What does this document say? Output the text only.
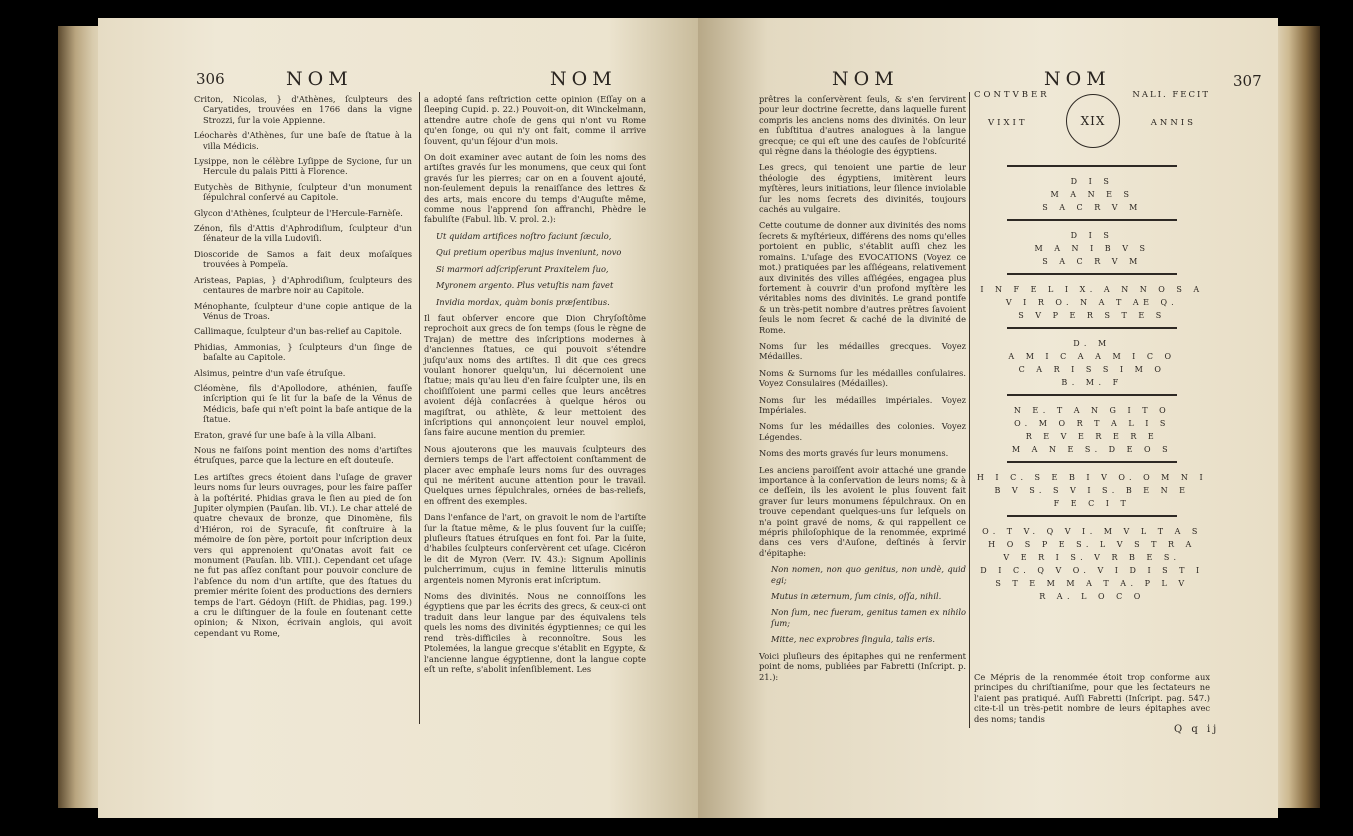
306	NOM	NOM

Criton, Nicolas, } d'Athènes, ſculpteurs des Caryatides, trouvées en 1766 dans la vigne Strozzi, ſur la voie Appienne.

Léocharès d'Athènes, ſur une baſe de ſtatue à la villa Médicis.

Lysippe, non le célèbre Lyſippe de Sycione, ſur un Hercule du palais Pitti à Florence.

Eutychès de Bithynie, ſculpteur d'un monument ſépulchral conſervé au Capitole.

Glycon d'Athènes, ſculpteur de l'Hercule-Farnèſe.

Zénon, fils d'Attis d'Aphrodiſium, ſculpteur d'un ſénateur de la villa Ludoviſi.

Dioscoride de Samos a fait deux moſaïques trouvées à Pompeïa.

Aristeas, Papias, } d'Aphrodiſium, ſculpteurs des centaures de marbre noir au Capitole.

Ménophante, ſculpteur d'une copie antique de la Vénus de Troas.

Callimaque, ſculpteur d'un bas-relief au Capitole.

Phidias, Ammonias, } ſculpteurs d'un ſinge de baſalte au Capitole.

Alsimus, peintre d'un vaſe étruſque.

Cléomène, fils d'Apollodore, athénien, fauſſe inſcription qui ſe lit ſur la baſe de la Vénus de Médicis, baſe qui n'eſt point la baſe antique de la ſtatue.

Eraton, gravé ſur une baſe à la villa Albani.

Nous ne faiſons point mention des noms d'artiſtes étruſques, parce que la lecture en eſt douteuſe.

Les artiſtes grecs étoient dans l'uſage de graver leurs noms ſur leurs ouvrages, pour les faire paſſer à la poſtérité. Phidias grava le ſien au pied de ſon Jupiter olympien (Pauſan. lib. VI.). Le char attelé de quatre chevaux de bronze, que Dinomène, fils d'Hiéron, roi de Syracuſe, fit conſtruire à la mémoire de ſon père, portoit pour inſcription deux vers qui apprenoient qu'Onatas avoit fait ce monument (Pauſan. lib. VIII.). Cependant cet uſage ne fut pas aſſez conſtant pour pouvoir conclure de l'abſence du nom d'un artiſte, que des ſtatues du premier mérite ſoient des productions des derniers temps de l'art. Gédoyn (Hiſt. de Phidias, pag. 199.) a cru le diſtinguer de la foule en ſoutenant cette opinion; & Nixon, écrivain anglois, qui avoit cependant vu Rome,

a adopté ſans reſtriction cette opinion (Eſſay on a ſleeping Cupid. p. 22.) Pouvoit-on, dit Winckelmann, attendre autre choſe de gens qui n'ont vu Rome qu'en ſonge, ou qui n'y ont fait, comme il arrive ſouvent, qu'un ſéjour d'un mois.

On doit examiner avec autant de ſoin les noms des artiſtes gravés ſur les monumens, que ceux qui ſont gravés ſur les pierres; car on en a ſouvent ajouté, non-ſeulement depuis la renaiſſance des lettres & des arts, mais encore du temps d'Auguſte même, comme nous l'apprend ſon affranchi, Phèdre le fabuliſte (Fabul. lib. V. prol. 2.):

Ut quidam artifices noſtro faciunt ſæculo,

Qui pretium operibus majus inveniunt, novo

Si marmori adſcripſerunt Praxitelem ſuo,

Myronem argento. Plus vetuſtis nam favet

Invidia mordax, quàm bonis præſentibus.

Il faut obſerver encore que Dion Chryſoſtôme reprochoit aux grecs de ſon temps (ſous le règne de Trajan) de mettre des inſcriptions modernes à d'anciennes ſtatues, ce qui pouvoit s'étendre juſqu'aux noms des artiſtes. Il dit que ces grecs voulant honorer quelqu'un, lui décernoient une ſtatue; mais qu'au lieu d'en faire ſculpter une, ils en choiſiſſoient une parmi celles que leurs ancêtres avoient déjà conſacrées à quelque héros ou magiſtrat, ou athlète, & leur mettoient des inſcriptions qui annonçoient leur nouvel emploi, ſans faire aucune mention du premier.

Nous ajouterons que les mauvais ſculpteurs des derniers temps de l'art affectoient conſtamment de placer avec emphaſe leurs noms ſur des ouvrages qui ne méritent aucune attention pour le travail. Quelques urnes ſépulchrales, ornées de bas-reliefs, en offrent des exemples.

Dans l'enfance de l'art, on gravoit le nom de l'artiſte ſur la ſtatue même, & le plus ſouvent ſur la cuiſſe; pluſieurs ſtatues étruſques en font foi. Par la ſuite, d'habiles ſculpteurs conſervèrent cet uſage. Cicéron le dit de Myron (Verr. IV. 43.): Signum Apollinis pulcherrimum, cujus in femine litterulis minutis argenteis nomen Myronis erat inſcriptum.

Noms des divinités. Nous ne connoiſſons les égyptiens que par les écrits des grecs, & ceux-ci ont traduit dans leur langue par des équivalens tels quels les noms des divinités égyptiennes; ce qui les rend très-difficiles à reconnoître. Sous les Ptolemées, la langue grecque s'établit en Egypte, & l'ancienne langue égyptienne, dont la langue copte eſt un reſte, s'abolit inſenſiblement. Les

NOM	NOM	307

prêtres la conſervèrent ſeuls, & s'en ſervirent pour leur doctrine ſecrette, dans laquelle furent compris les anciens noms des divinités. On leur en ſubſtitua d'autres analogues à la langue grecque; ce qui eſt une des cauſes de l'obſcurité qui règne dans la théologie des égyptiens.

Les grecs, qui tenoient une partie de leur théologie des égyptiens, imitèrent leurs myſtères, leurs initiations, leur ſilence inviolable ſur les noms ſecrets des divinités, toujours cachés au vulgaire.

Cette coutume de donner aux divinités des noms ſecrets & myſtérieux, différens des noms qu'elles portoient en public, s'établit auſſi chez les romains. L'uſage des EVOCATIONS (Voyez ce mot.) pratiquées par les aſſiégeans, relativement aux divinités des villes aſſiégées, engagea plus fortement à couvrir d'un profond myſtère les véritables noms des divinités. Le grand pontife & un très-petit nombre d'autres prêtres ſavoient ſeuls le nom ſecret & caché de la divinité de Rome.

Noms ſur les médailles grecques. Voyez Médailles.

Noms & Surnoms ſur les médailles conſulaires. Voyez Consulaires (Médailles).

Noms ſur les médailles impériales. Voyez Impériales.

Noms ſur les médailles des colonies. Voyez Légendes.

Noms des morts gravés ſur leurs monumens.

Les anciens paroiſſent avoir attaché une grande importance à la conſervation de leurs noms; & à ce deſſein, ils les avoient le plus ſouvent fait graver ſur leurs monumens ſépulchraux. On en trouve cependant quelques-uns ſur leſquels on n'a point gravé de noms, & qui rappellent ce mépris philoſophique de la renommée, exprimé dans ces vers d'Auſone, deſtinés à ſervir d'épitaphe:

Non nomen, non quo genitus, non undè, quid egi;

Mutus in æternum, ſum cinis, oſſa, nihil.

Non ſum, nec fueram, genitus tamen ex nihilo ſum;

Mitte, nec exprobres ſingula, talis eris.

Voici pluſieurs des épitaphes qui ne renferment point de noms, publiées par Fabretti (Inſcript. p. 21.):

CONTVBER
VIXIT
NALI. FECIT
ANNIS
XIX
D I S
M A N E S
S A C R V M
D I S
M A N I B V S
S A C R V M
I N F E L I X. A N N O S A
V I R O. N A T AE Q.
S V P E R S T E S
D. M
A M I C A A M I C O
C A R I S S I M O
B. M. F
N E. T A N G I T O
O. M O R T A L I S
R E V E R E R E
M A N E S. D E O S
H I C. S E B I V O. O M N I
B V S. S V I S. B E N E
F E C I T
O. T V. Q V I. M V L T A S
H O S P E S. L V S T R A
V E R I S. V R B E S.
D I C. Q V O. V I D I S T I
S T E M M A T A. P L V
R A. L O C O

Ce Mépris de la renommée étoit trop conforme aux principes du chriſtianiſme, pour que les ſectateurs ne l'aient pas pratiqué. Auſſi Fabretti (Inſcript. pag. 547.) cite-t-il un très-petit nombre de leurs épitaphes avec des noms; tandis

Q q ij
